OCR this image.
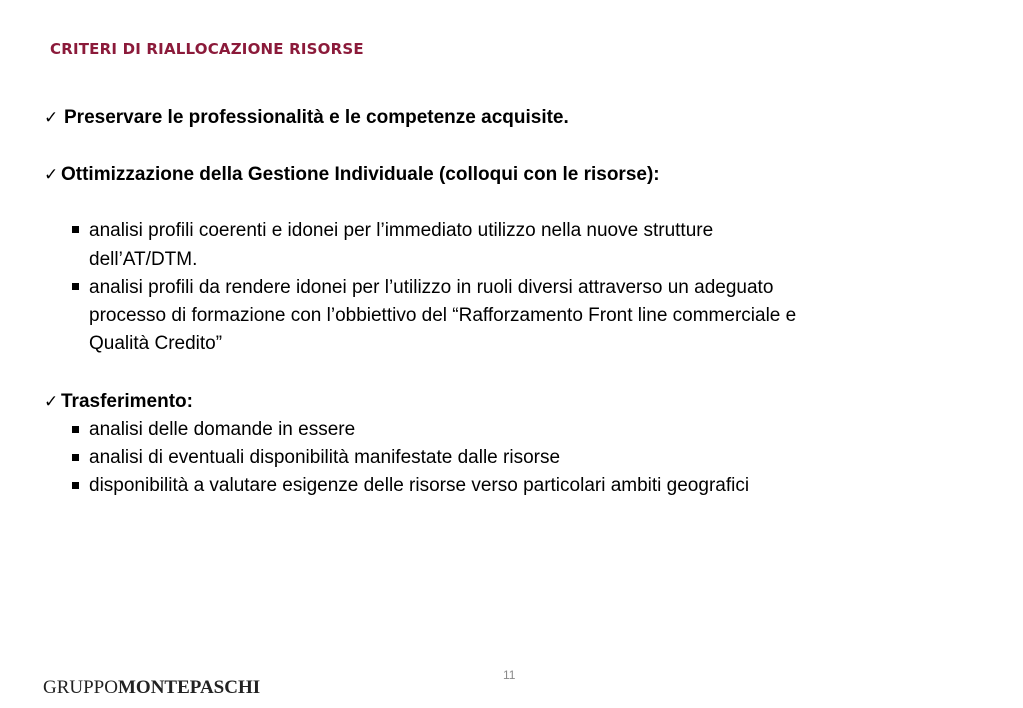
CRITERI DI RIALLOCAZIONE RISORSE
✓ Preservare le professionalità e le competenze acquisite.
✓ Ottimizzazione della Gestione Individuale (colloqui con le risorse):
analisi profili coerenti e idonei per l’immediato utilizzo nella nuove strutture
dell’AT/DTM.
analisi profili da rendere idonei per l’utilizzo in ruoli diversi attraverso un adeguato
processo di formazione con l’obbiettivo del “Rafforzamento Front line commerciale e
Qualità Credito”
✓ Trasferimento:
analisi delle domande in essere
analisi di eventuali disponibilità manifestate dalle risorse
disponibilità a valutare esigenze delle risorse verso particolari ambiti geografici
11
GRUPPOMONTEPASCHI
